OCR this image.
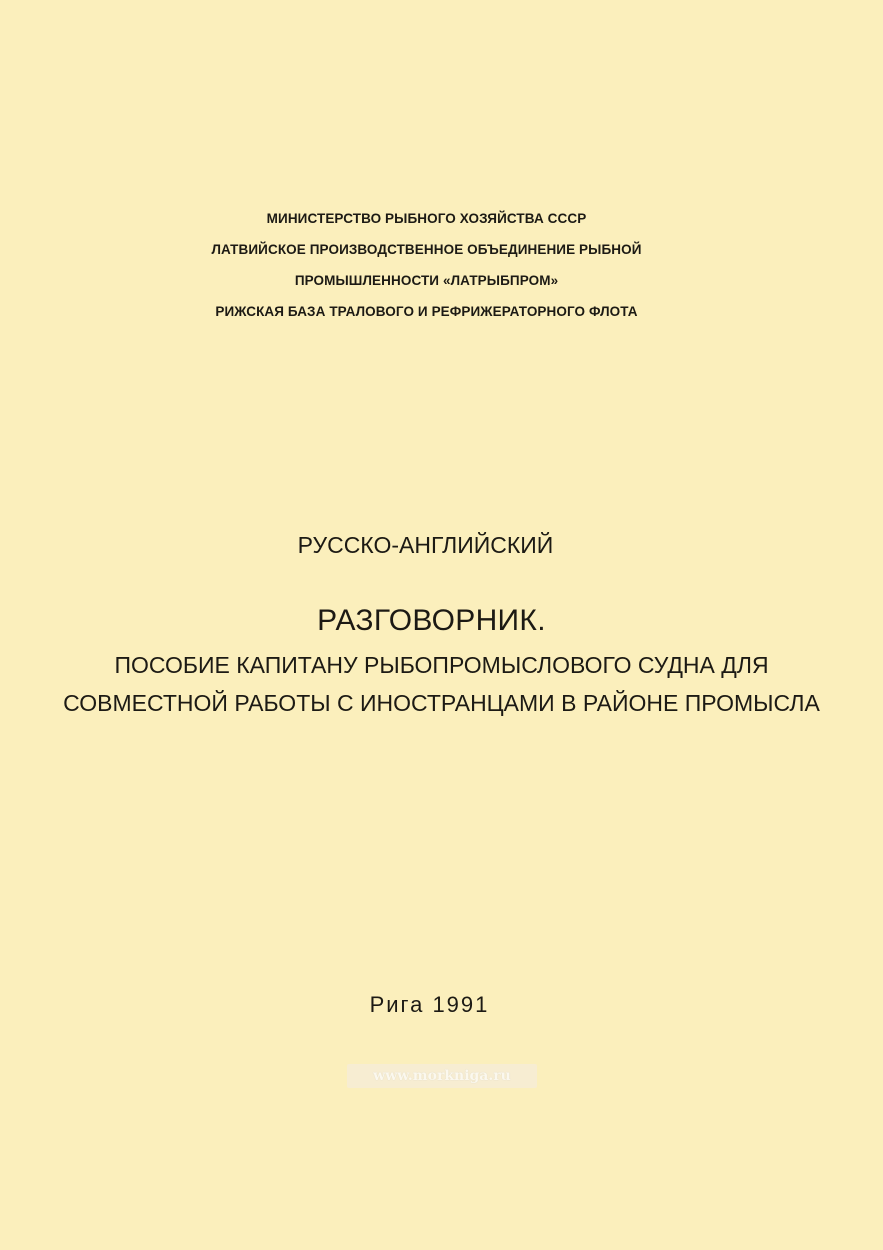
МИНИСТЕРСТВО РЫБНОГО ХОЗЯЙСТВА СССР
ЛАТВИЙСКОЕ ПРОИЗВОДСТВЕННОЕ ОБЪЕДИНЕНИЕ РЫБНОЙ
ПРОМЫШЛЕННОСТИ «ЛАТРЫБПРОМ»
РИЖСКАЯ БАЗА ТРАЛОВОГО И РЕФРИЖЕРАТОРНОГО ФЛОТА
РУССКО-АНГЛИЙСКИЙ
РАЗГОВОРНИК.
ПОСОБИЕ КАПИТАНУ РЫБОПРОМЫСЛОВОГО СУДНА ДЛЯ
СОВМЕСТНОЙ РАБОТЫ С ИНОСТРАНЦАМИ В РАЙОНЕ ПРОМЫСЛА
Рига 1991
www.morkniga.ru
